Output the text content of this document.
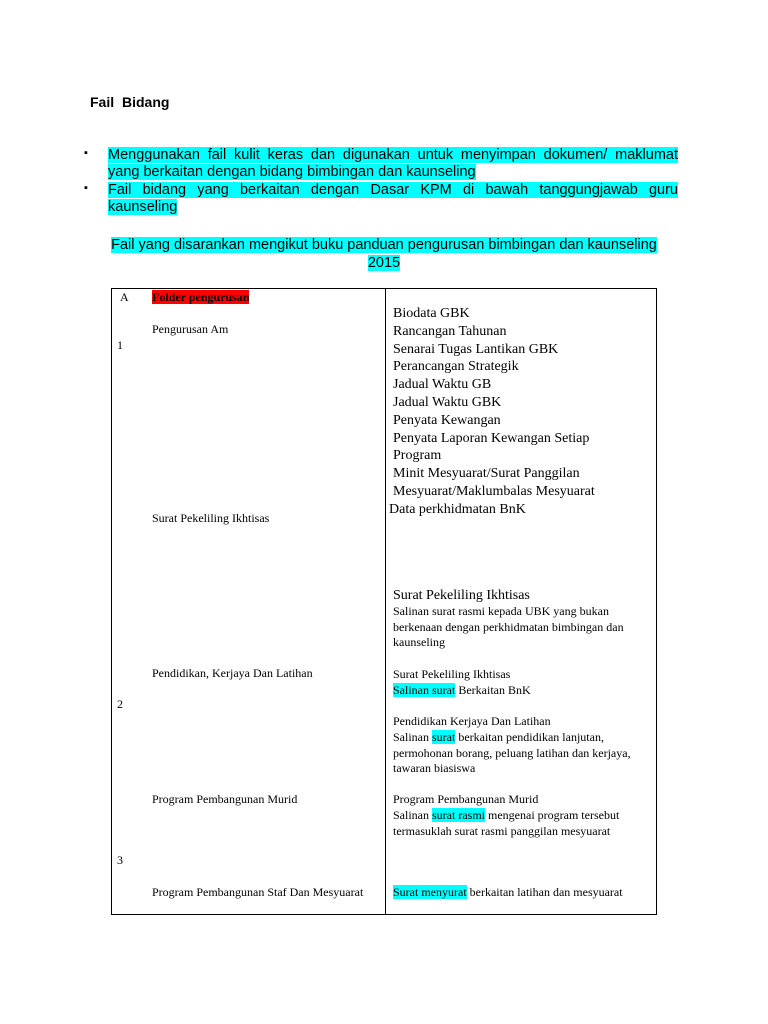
Fail Bidang
▪ Menggunakan fail kulit keras dan digunakan untuk menyimpan dokumen/ maklumat yang berkaitan dengan bidang bimbingan dan kaunseling
▪ Fail bidang yang berkaitan dengan Dasar KPM di bawah tanggungjawab guru kaunseling
Fail yang disarankan mengikut buku panduan pengurusan bimbingan dan kaunseling 2015
A
1
2
3
Folder pengurusan
Pengurusan Am
Surat Pekeliling Ikhtisas
Pendidikan, Kerjaya Dan Latihan
Program Pembangunan Murid
Program Pembangunan Staf Dan Mesyuarat
Biodata GBK
Rancangan Tahunan
Senarai Tugas Lantikan GBK
Perancangan Strategik
Jadual Waktu GB
Jadual Waktu GBK
Penyata Kewangan
Penyata Laporan Kewangan Setiap
Program
Minit Mesyuarat/Surat Panggilan
Mesyuarat/Maklumbalas Mesyuarat
Data perkhidmatan BnK
Surat Pekeliling Ikhtisas
Salinan surat rasmi kepada UBK yang bukan berkenaan dengan perkhidmatan bimbingan dan kaunseling
Surat Pekeliling Ikhtisas
Salinan surat Berkaitan BnK
Pendidikan Kerjaya Dan Latihan
Salinan surat berkaitan pendidikan lanjutan, permohonan borang, peluang latihan dan kerjaya, tawaran biasiswa
Program Pembangunan Murid
Salinan surat rasmi mengenai program tersebut termasuklah surat rasmi panggilan mesyuarat
Surat menyurat berkaitan latihan dan mesyuarat
